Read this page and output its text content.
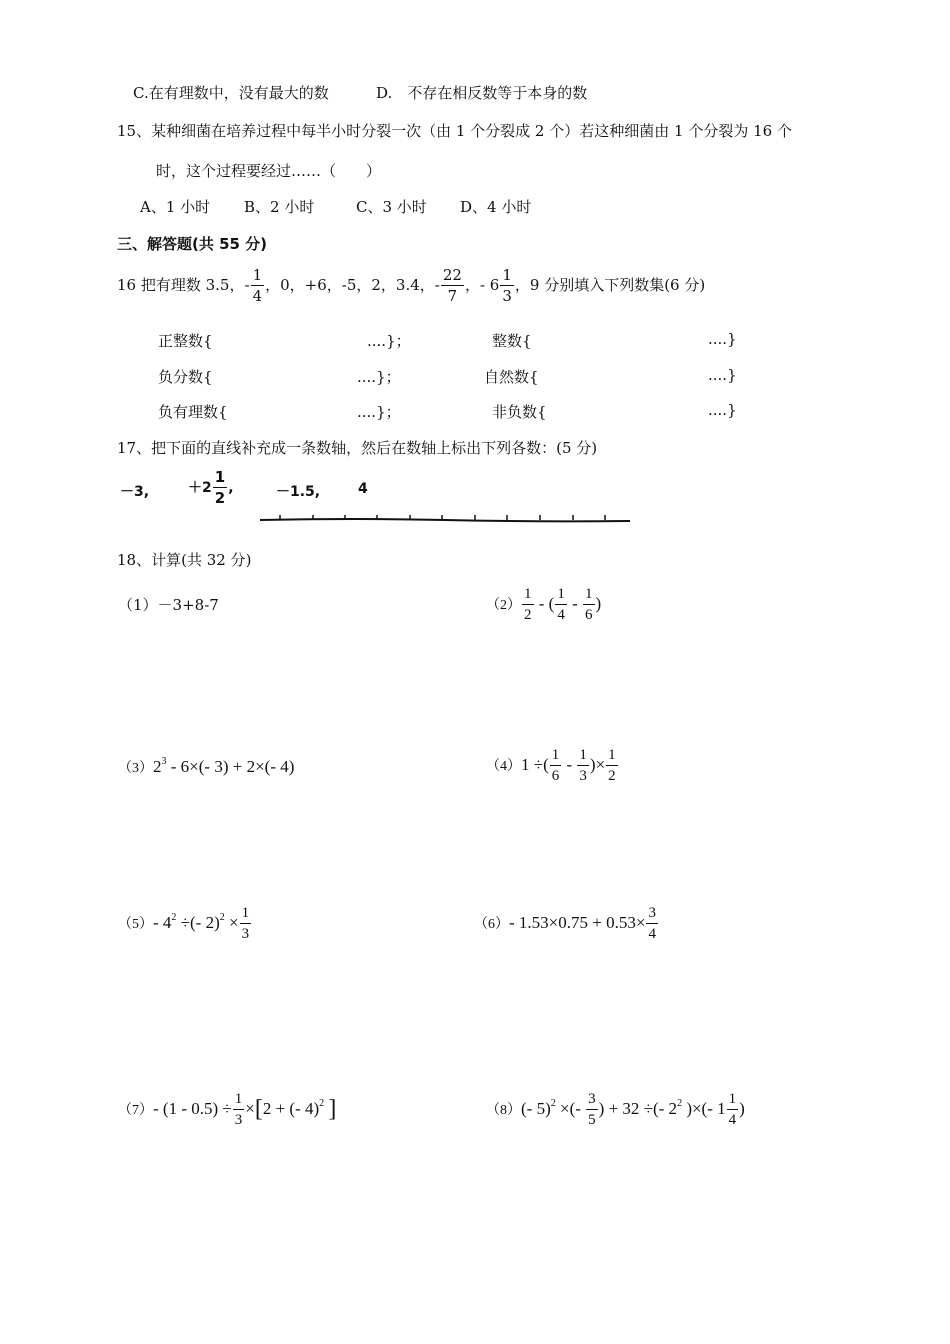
C.在有理数中，没有最大的数	D.　不存在相反数等于本身的数
15、某种细菌在培养过程中每半小时分裂一次（由 1 个分裂成 2 个）若这种细菌由 1 个分裂为 16 个
时，这个过程要经过……（　　）
A、1 小时 B、2 小时	C、3 小时 D、4 小时
三、解答题(共 55 分)
16 把有理数 3.5，- $\frac{1}{4}$ ，0，+6，-5，2，3.4，- $\frac{22}{7}$ ，- $6 \frac{1}{3}$ ，9 分别填入下列数集(6 分)
正整数{	....}；	整数{	....}
负分数{	....}；	自然数{	....}
负有理数{	....}；	非负数{	....}
17、把下面的直线补充成一条数轴，然后在数轴上标出下列各数：(5 分)
－3,	$+2 \frac{1}{2}$ ,	－1.5,	4
18、计算(共 32 分)
（1）－3+8-7	$(2) \frac{1}{2}$ - ( $\frac{1}{4} - \frac{1}{6}$ )
$(3)2^3 - 6\times(-$ 3) + 2×(- 4)	（4）1 ÷( $\frac{1}{6} - \frac{1}{3}$ )× $\frac{1}{2}$
（5）- $4^2$ ÷(- $2)^2 \times \frac{1}{3}$	（6）- $1.53\times 0.75 + 0.53\times \frac{3}{4}$
（7）- $(1 - 0.5) \div \frac{1}{3} \times[2$ + (- 4)$^2$ ]	（8）(- 5)$^2$ ×(- $\frac{3}{5}$ ) + 32 ÷(- $2^2$ )×(- $1 \frac{1}{4}$ )
